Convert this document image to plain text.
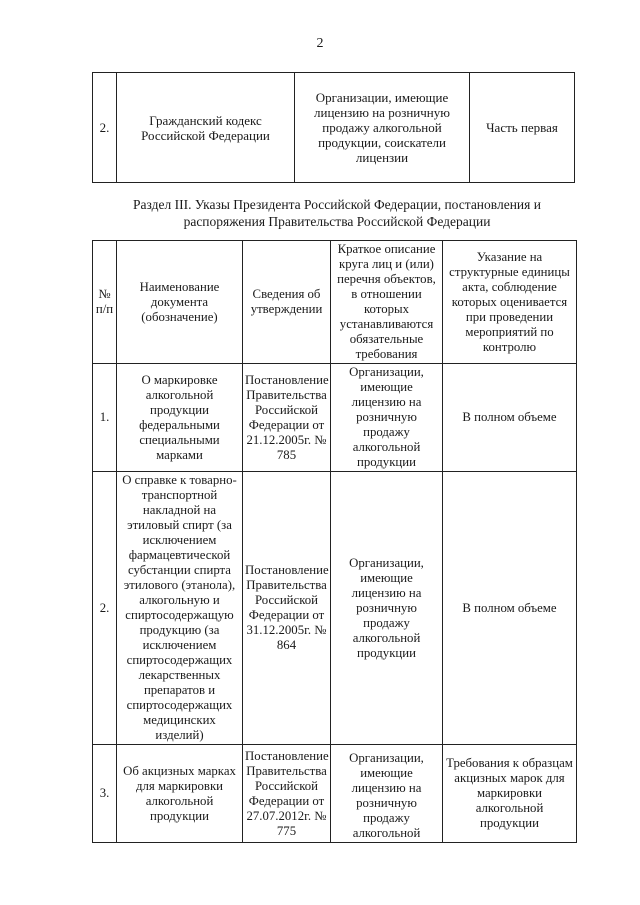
2
2.	Гражданский кодекс Российской Федерации	Организации, имеющие лицензию на розничную продажу алкогольной продукции, соискатели лицензии	Часть первая
Раздел III. Указы Президента Российской Федерации, постановления и распоряжения Правительства Российской Федерации
№ п/п	Наименование документа (обозначение)	Сведения об утверждении	Краткое описание круга лиц и (или) перечня объектов, в отношении которых устанавливаются обязательные требования	Указание на структурные единицы акта, соблюдение которых оценивается при проведении мероприятий по контролю
1.	О маркировке алкогольной продукции федеральными специальными марками	Постановление Правительства Российской Федерации от 21.12.2005г. № 785	Организации, имеющие лицензию на розничную продажу алкогольной продукции	В полном объеме
2.	О справке к товарно-транспортной накладной на этиловый спирт (за исключением фармацевтической субстанции спирта этилового (этанола), алкогольную и спиртосодержащую продукцию (за исключением спиртосодержащих лекарственных препаратов и спиртосодержащих медицинских изделий)	Постановление Правительства Российской Федерации от 31.12.2005г. № 864	Организации, имеющие лицензию на розничную продажу алкогольной продукции	В полном объеме
3.	Об акцизных марках для маркировки алкогольной продукции	Постановление Правительства Российской Федерации от 27.07.2012г. № 775	Организации, имеющие лицензию на розничную продажу алкогольной	Требования к образцам акцизных марок для маркировки алкогольной продукции
